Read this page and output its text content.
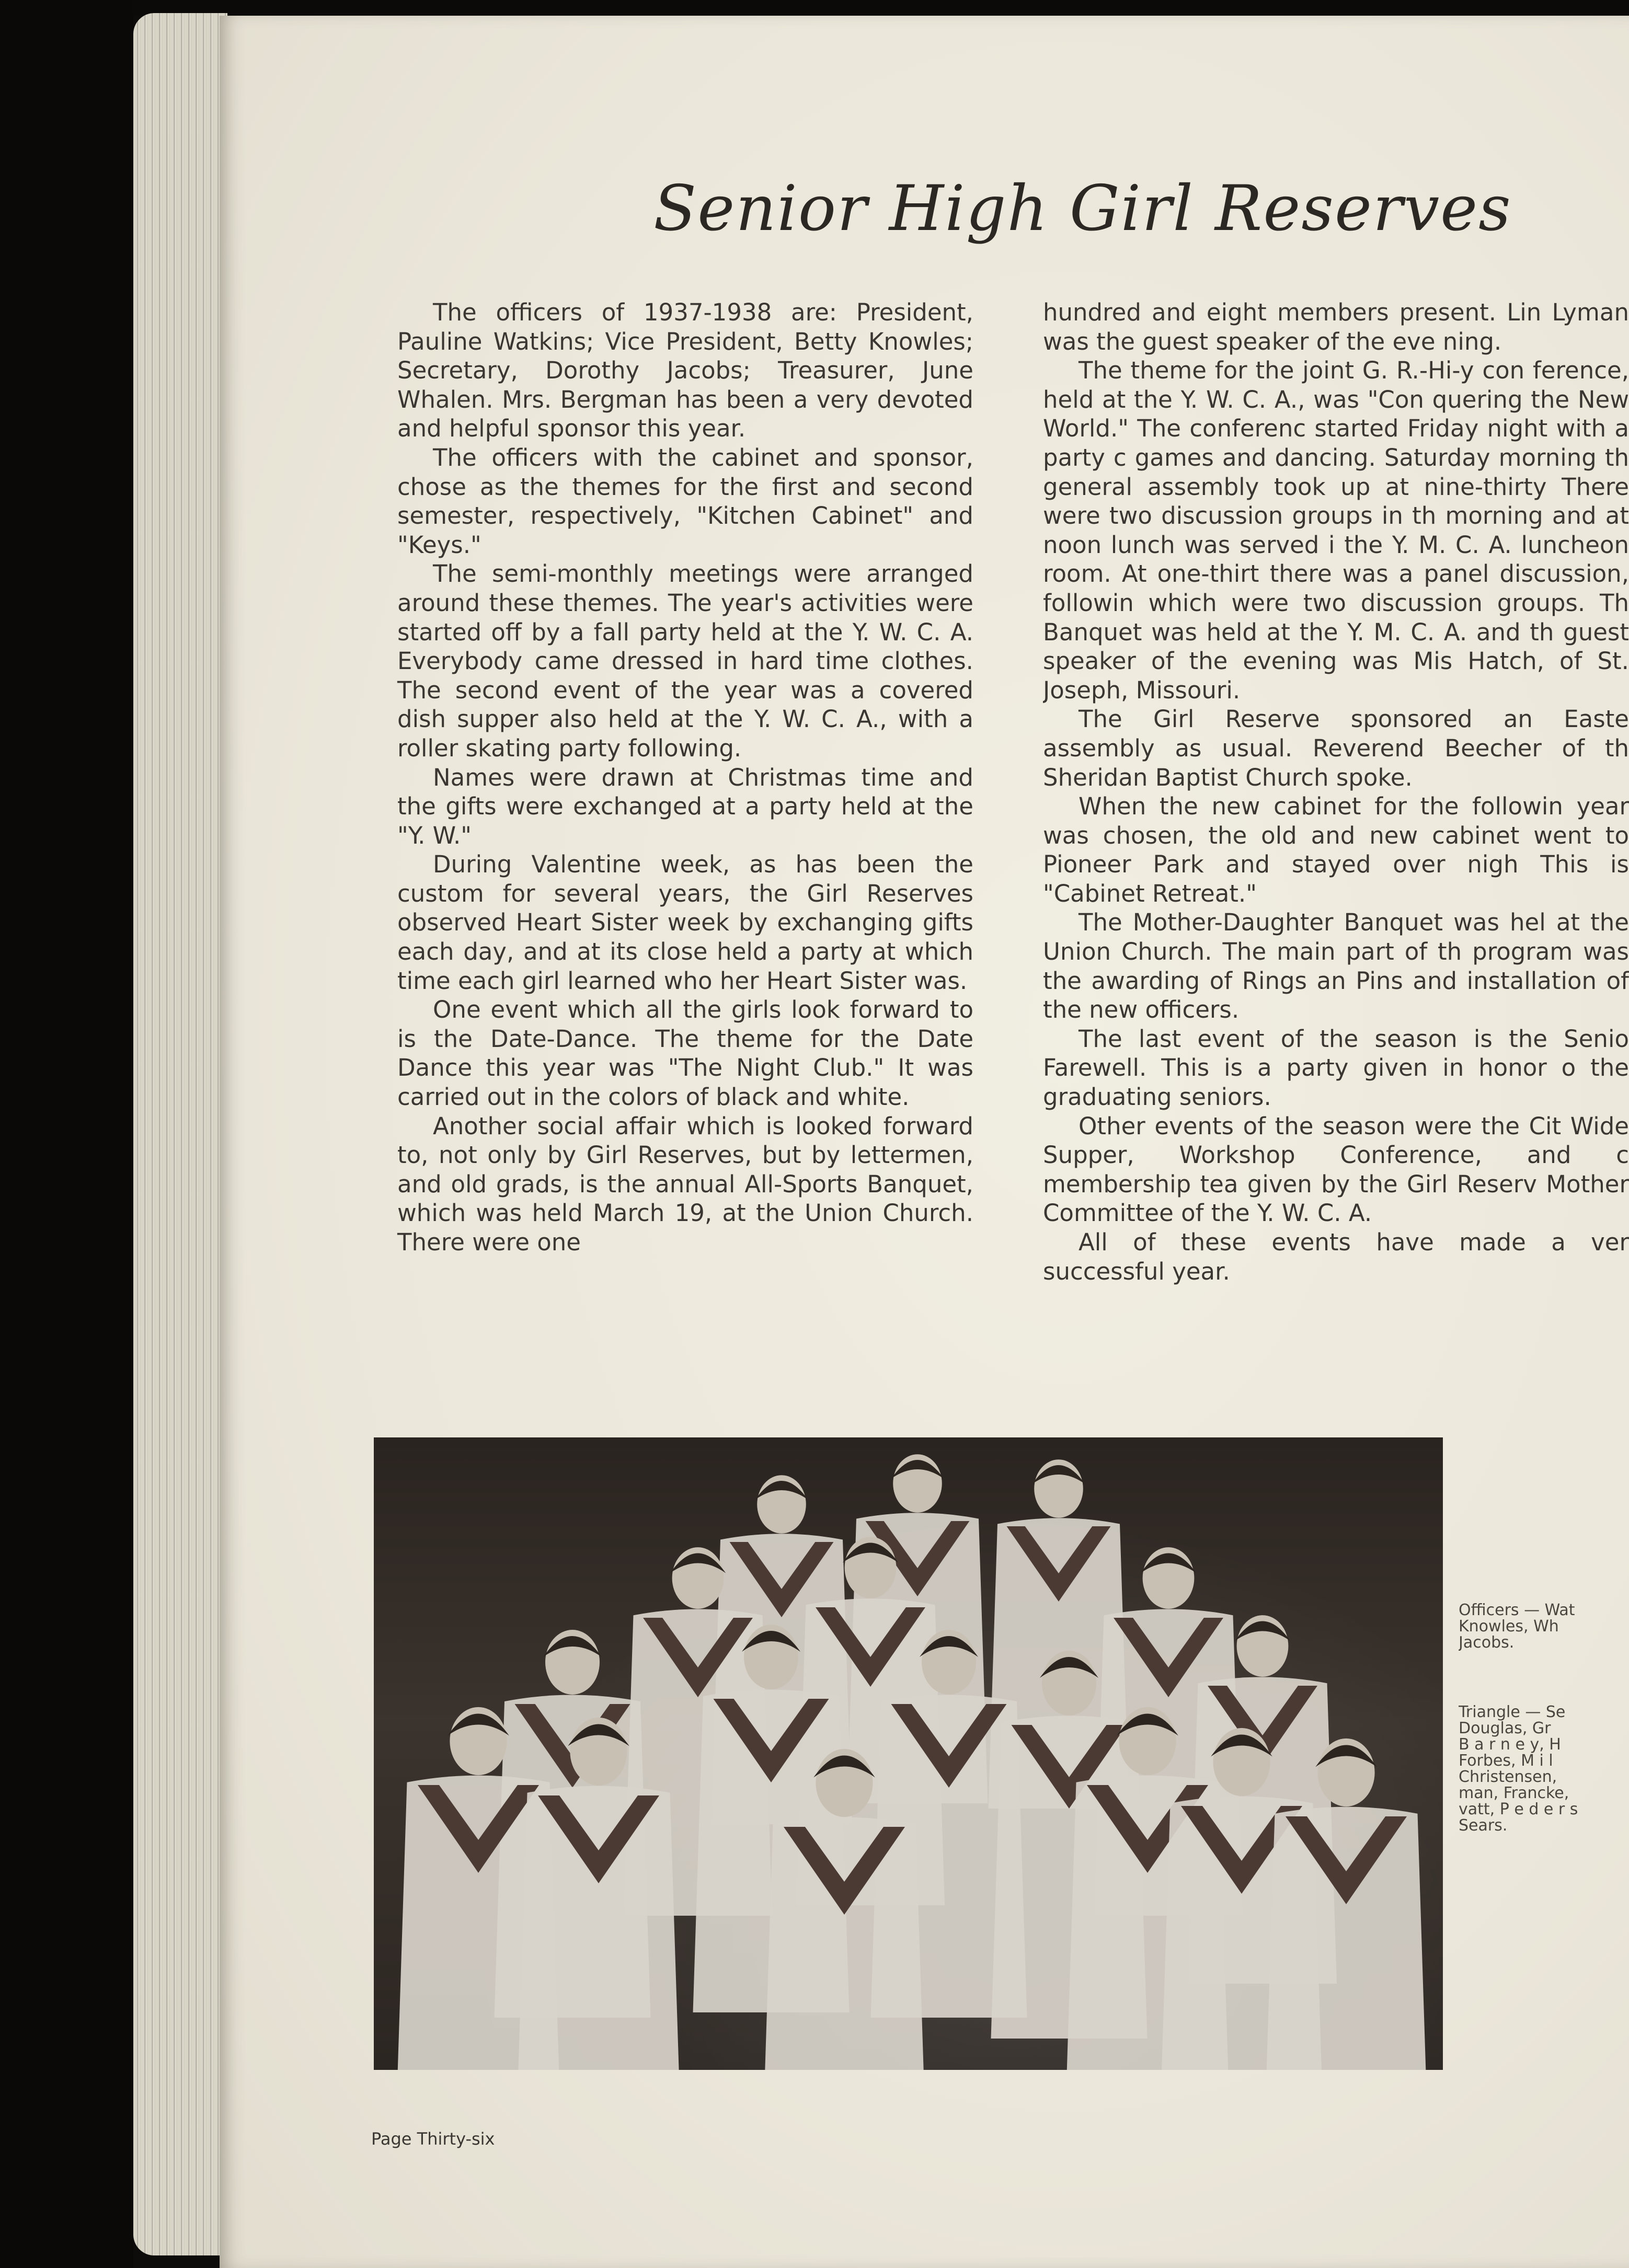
Senior High Girl Reserves

The officers of 1937-1938 are: President, Pauline Watkins; Vice President, Betty Knowles; Secretary, Dorothy Jacobs; Treasurer, June Whalen. Mrs. Bergman has been a very devoted and helpful sponsor this year.

The officers with the cabinet and sponsor, chose as the themes for the first and second semester, respectively, "Kitchen Cabinet" and "Keys."

The semi-monthly meetings were arranged around these themes. The year's activities were started off by a fall party held at the Y. W. C. A. Everybody came dressed in hard time clothes. The second event of the year was a covered dish supper also held at the Y. W. C. A., with a roller skating party following.

Names were drawn at Christmas time and the gifts were exchanged at a party held at the "Y. W."

During Valentine week, as has been the custom for several years, the Girl Reserves observed Heart Sister week by exchanging gifts each day, and at its close held a party at which time each girl learned who her Heart Sister was.

One event which all the girls look forward to is the Date-Dance. The theme for the Date Dance this year was "The Night Club." It was carried out in the colors of black and white.

Another social affair which is looked forward to, not only by Girl Reserves, but by lettermen, and old grads, is the annual All-Sports Banquet, which was held March 19, at the Union Church. There were one

hundred and eight members present. Lin Lyman was the guest speaker of the eve ning.

The theme for the joint G. R.-Hi-y con ference, held at the Y. W. C. A., was "Con quering the New World." The conferenc started Friday night with a party c games and dancing. Saturday morning th general assembly took up at nine-thirty There were two discussion groups in th morning and at noon lunch was served i the Y. M. C. A. luncheon room. At one-thirt there was a panel discussion, followin which were two discussion groups. Th Banquet was held at the Y. M. C. A. and th guest speaker of the evening was Mis Hatch, of St. Joseph, Missouri.

The Girl Reserve sponsored an Easte assembly as usual. Reverend Beecher of th Sheridan Baptist Church spoke.

When the new cabinet for the followin year was chosen, the old and new cabinet went to Pioneer Park and stayed over nigh This is "Cabinet Retreat."

The Mother-Daughter Banquet was hel at the Union Church. The main part of th program was the awarding of Rings an Pins and installation of the new officers.

The last event of the season is the Senio Farewell. This is a party given in honor o the graduating seniors.

Other events of the season were the Cit Wide Supper, Workshop Conference, and c membership tea given by the Girl Reserv Mother Committee of the Y. W. C. A.

All of these events have made a ver successful year.

Officers — Wat
Knowles, Wh
Jacobs.
Triangle — Se
Douglas, Gr
B a r n e y, H
Forbes, M i l
Christensen,
man, Francke,
vatt, P e d e r s
Sears.
Page Thirty-six
